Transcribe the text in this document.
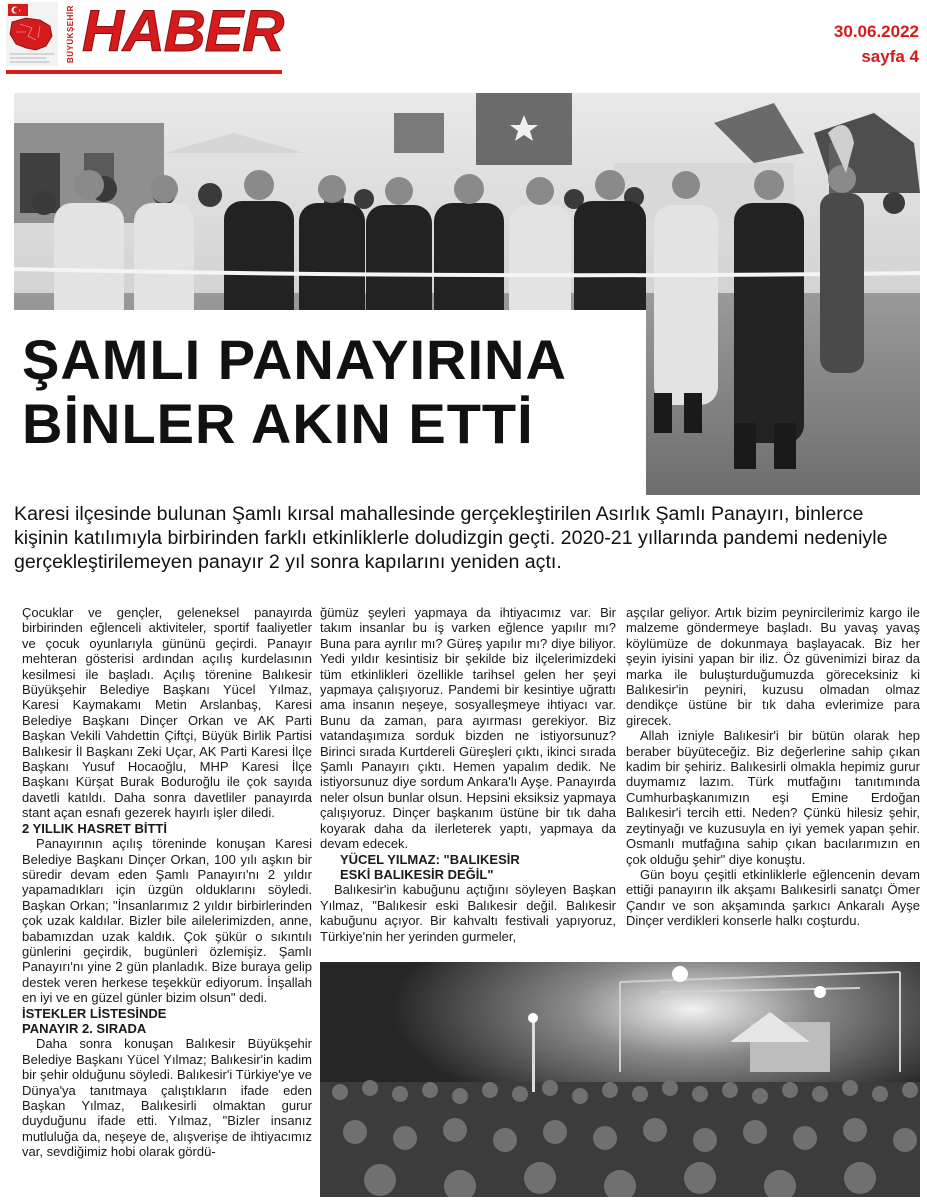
BÜYÜKŞEHİR HABER	30.06.2022
sayfa 4
ŞAMLI PANAYIRINA
BİNLER AKIN ETTİ

Karesi ilçesinde bulunan Şamlı kırsal mahallesinde gerçekleştirilen Asırlık Şamlı Panayırı, binlerce kişinin katılımıyla birbirinden farklı etkinliklerle doludizgin geçti. 2020-21 yıllarında pandemi nedeniyle gerçekleştirilemeyen panayır 2 yıl sonra kapılarını yeniden açtı.

Çocuklar ve gençler, geleneksel panayırda birbirinden eğlenceli aktiviteler, sportif faaliyetler ve çocuk oyunlarıyla gününü geçirdi. Panayır mehteran gösterisi ardından açılış kurdelasının kesilmesi ile başladı. Açılış törenine Balıkesir Büyükşehir Belediye Başkanı Yücel Yılmaz, Karesi Kaymakamı Metin Arslanbaş, Karesi Belediye Başkanı Dinçer Orkan ve AK Parti Başkan Vekili Vahdettin Çiftçi, Büyük Birlik Partisi Balıkesir İl Başkanı Zeki Uçar, AK Parti Karesi İlçe Başkanı Yusuf Hocaoğlu, MHP Karesi İlçe Başkanı Kürşat Burak Boduroğlu ile çok sayıda davetli katıldı. Daha sonra davetliler panayırda stant açan esnafı gezerek hayırlı işler diledi.

2 YILLIK HASRET BİTTİ

Panayırının açılış töreninde konuşan Karesi Belediye Başkanı Dinçer Orkan, 100 yılı aşkın bir süredir devam eden Şamlı Panayırı'nı 2 yıldır yapamadıkları için üzgün olduklarını söyledi. Başkan Orkan; "İnsanlarımız 2 yıldır birbirlerinden çok uzak kaldılar. Bizler bile ailelerimizden, anne, babamızdan uzak kaldık. Çok şükür o sıkıntılı günlerini geçirdik, bugünleri özlemişiz. Şamlı Panayırı'nı yine 2 gün planladık. Bize buraya gelip destek veren herkese teşekkür ediyorum. İnşallah en iyi ve en güzel günler bizim olsun" dedi.

İSTEKLER LİSTESİNDE

PANAYIR 2. SIRADA

Daha sonra konuşan Balıkesir Büyükşehir Belediye Başkanı Yücel Yılmaz; Balıkesir'in kadim bir şehir olduğunu söyledi. Balıkesir'i Türkiye'ye ve Dünya'ya tanıtmaya çalıştıkların ifade eden Başkan Yılmaz, Balıkesirli olmaktan gurur duyduğunu ifade etti. Yılmaz, "Bizler insanız mutluluğa da, neşeye de, alışverişe de ihtiyacımız var, sevdiğimiz hobi olarak gördü-

ğümüz şeyleri yapmaya da ihtiyacımız var. Bir takım insanlar bu iş varken eğlence yapılır mı? Buna para ayrılır mı? Güreş yapılır mı? diye biliyor. Yedi yıldır kesintisiz bir şekilde biz ilçelerimizdeki tüm etkinlikleri özellikle tarihsel gelen her şeyi yapmaya çalışıyoruz. Pandemi bir kesintiye uğrattı ama insanın neşeye, sosyalleşmeye ihtiyacı var. Bunu da zaman, para ayırması gerekiyor. Biz vatandaşımıza sorduk bizden ne istiyorsunuz? Birinci sırada Kurtdereli Güreşleri çıktı, ikinci sırada Şamlı Panayırı çıktı. Hemen yapalım dedik. Ne istiyorsunuz diye sordum Ankara'lı Ayşe. Panayırda neler olsun bunlar olsun. Hepsini eksiksiz yapmaya çalışıyoruz. Dinçer başkanım üstüne bir tık daha koyarak daha da ilerleterek yaptı, yapmaya da devam edecek.

YÜCEL YILMAZ: "BALIKESİR

ESKİ BALIKESİR DEĞİL"

Balıkesir'in kabuğunu açtığını söyleyen Başkan Yılmaz, "Balıkesir eski Balıkesir değil. Balıkesir kabuğunu açıyor. Bir kahvaltı festivali yapıyoruz, Türkiye'nin her yerinden gurmeler,

aşçılar geliyor. Artık bizim peynircilerimiz kargo ile malzeme göndermeye başladı. Bu yavaş yavaş köylümüze de dokunmaya başlayacak. Biz her şeyin iyisini yapan bir iliz. Öz güvenimizi biraz da marka ile buluşturduğumuzda göreceksiniz ki Balıkesir'in peyniri, kuzusu olmadan olmaz dendikçe üstüne bir tık daha evlerimize para girecek.

Allah izniyle Balıkesir'i bir bütün olarak hep beraber büyüteceğiz. Biz değerlerine sahip çıkan kadim bir şehiriz. Balıkesirli olmakla hepimiz gurur duymamız lazım. Türk mutfağını tanıtımında Cumhurbaşkanımızın eşi Emine Erdoğan Balıkesir'i tercih etti. Neden? Çünkü hilesiz şehir, zeytinyağı ve kuzusuyla en iyi yemek yapan şehir. Osmanlı mutfağına sahip çıkan bacılarımızın en çok olduğu şehir" diye konuştu.

Gün boyu çeşitli etkinliklerle eğlencenin devam ettiği panayırın ilk akşamı Balıkesirli sanatçı Ömer Çandır ve son akşamında şarkıcı Ankaralı Ayşe Dinçer verdikleri konserle halkı coşturdu.
